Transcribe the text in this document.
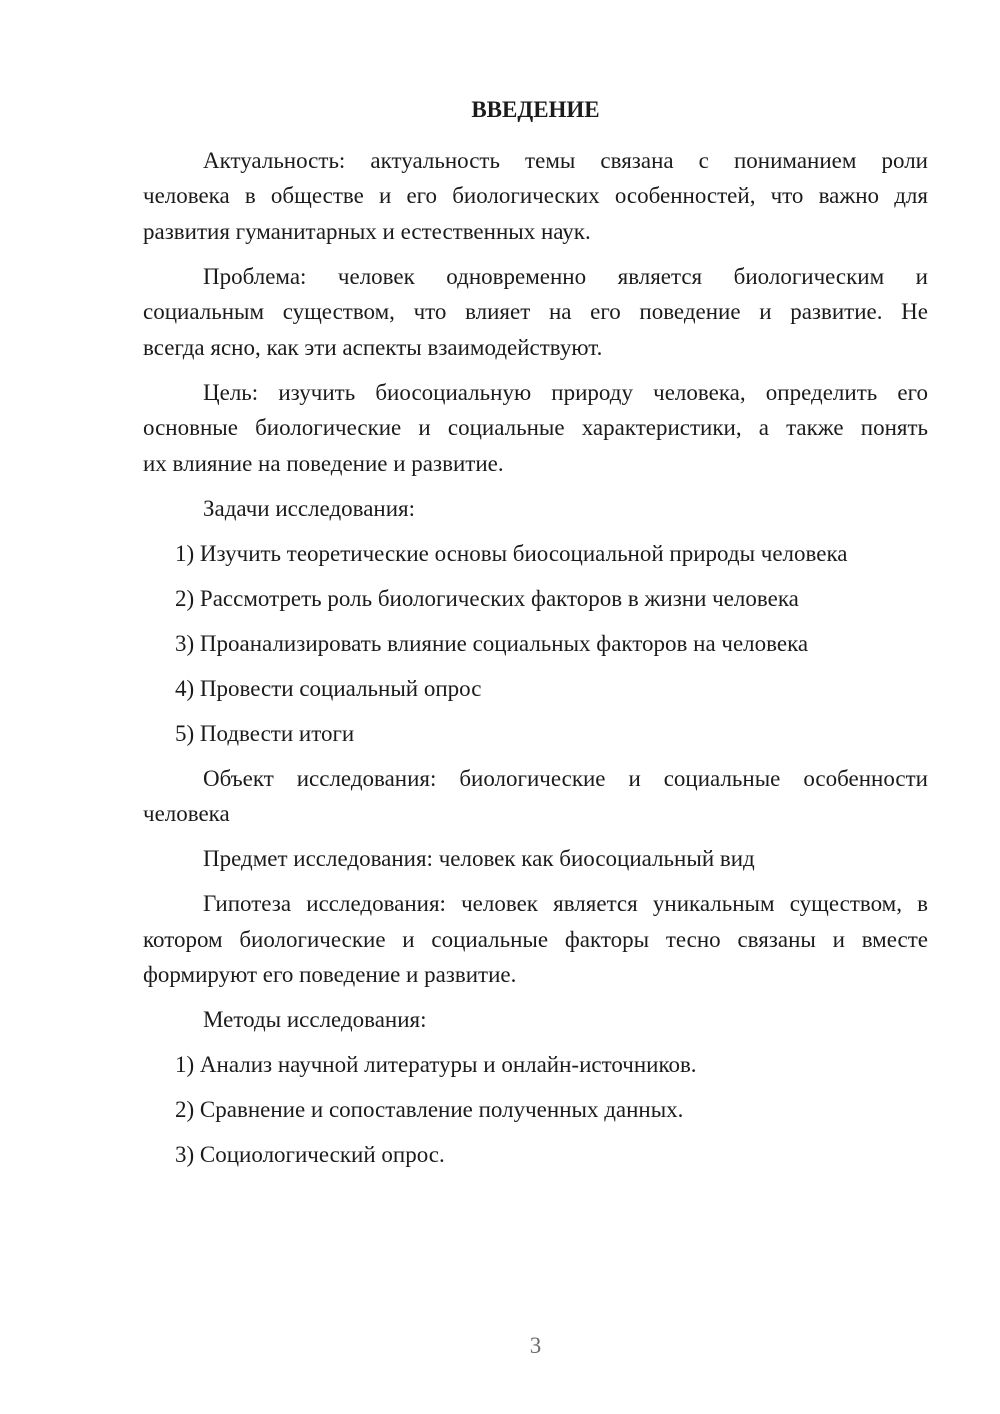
ВВЕДЕНИЕ
Актуальность: актуальность темы связана с пониманием роли
человека в обществе и его биологических особенностей, что важно для
развития гуманитарных и естественных наук.
Проблема: человек одновременно является биологическим и
социальным существом, что влияет на его поведение и развитие. Не
всегда ясно, как эти аспекты взаимодействуют.
Цель: изучить биосоциальную природу человека, определить его
основные биологические и социальные характеристики, а также понять
их влияние на поведение и развитие.
Задачи исследования:
1) Изучить теоретические основы биосоциальной природы человека
2) Рассмотреть роль биологических факторов в жизни человека
3) Проанализировать влияние социальных факторов на человека
4) Провести социальный опрос
5) Подвести итоги
Объект исследования: биологические и социальные особенности
человека
Предмет исследования: человек как биосоциальный вид
Гипотеза исследования: человек является уникальным существом, в
котором биологические и социальные факторы тесно связаны и вместе
формируют его поведение и развитие.
Методы исследования:
1) Анализ научной литературы и онлайн-источников.
2) Сравнение и сопоставление полученных данных.
3) Социологический опрос.
3
